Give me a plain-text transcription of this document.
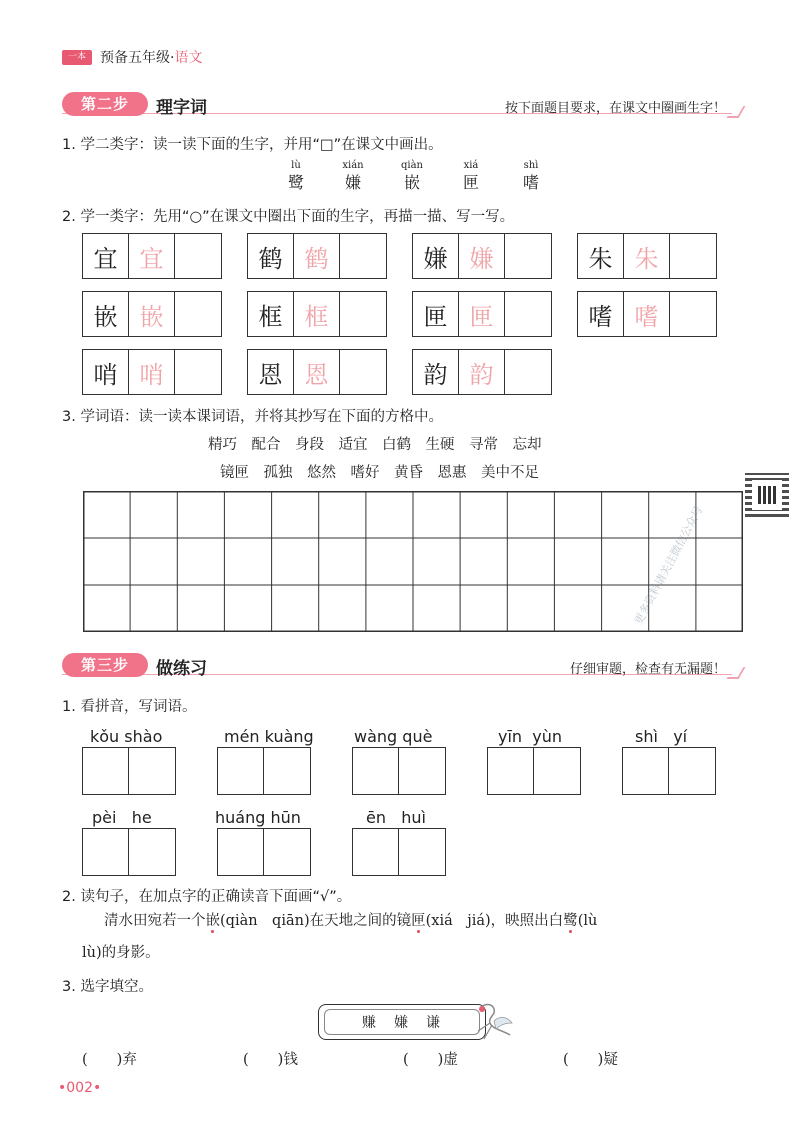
一本	预备五年级·语文
第二步	理字词	按下面题目要求，在课文中圈画生字！
1. 学二类字：读一读下面的生字，并用“□”在课文中画出。
lù
鹭
xián
嫌
qiàn
嵌
xiá
匣
shì
嗜
2. 学一类字：先用“○”在课文中圈出下面的生字，再描一描、写一写。
宜 宜	鹤 鹤	嫌 嫌	朱 朱
嵌 嵌	框 框	匣 匣	嗜 嗜
哨 哨	恩 恩	韵 韵
3. 学词语：读一读本课词语，并将其抄写在下面的方格中。
精巧　配合　身段　适宜　白鹤　生硬　寻常　忘却
镜匣　孤独　悠然　嗜好　黄昏　恩惠　美中不足
更多资料请关注微信公众号
第三步	做练习	仔细审题，检查有无漏题！
1. 看拼音，写词语。
kǒu shào	mén kuàng	wàng què	yīn yùn	shì yí
pèi he	huáng hūn	ēn huì
2. 读句子，在加点字的正确读音下面画“√”。
清水田宛若一个嵌(qiàn　qiān)在天地之间的镜匣(xiá　jiá)，映照出白鹭(lù
lù)的身影。
3. 选字填空。
赚　嫌　谦
(　　)弃	(　　)钱	(　　)虚	(　　)疑
•002•
